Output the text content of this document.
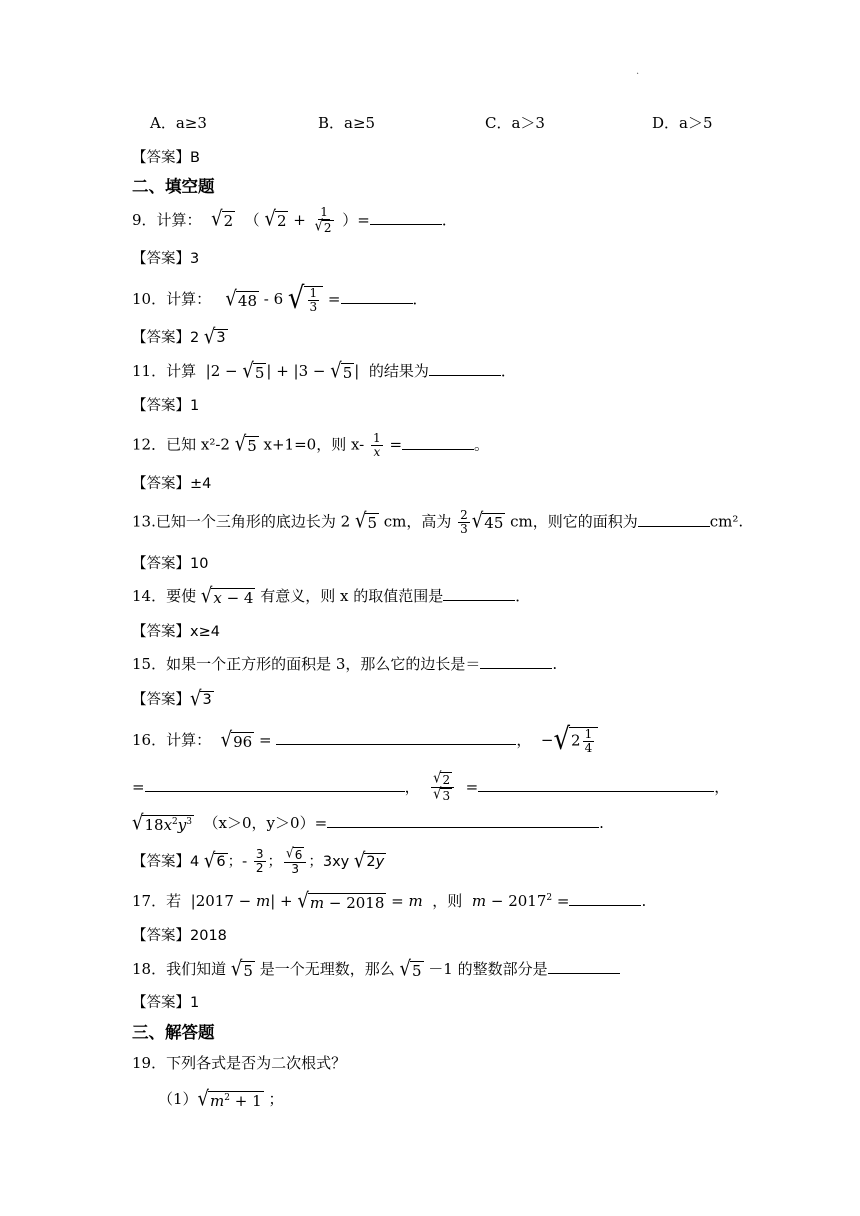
.
A．a≥3	B．a≥5	C．a＞3	D．a＞5
【答案】B
二、填空题
9．计算： √ 2 （ √ $2 + \frac{1}{√ 2}$ ）=	．
【答案】3
10．计算： √ 48 - 6 √ $\frac{1}{3}$ =	．
【答案】2 √ 3
11．计算  |2 − √ 5 | + |3 − √ 5 |  的结果为	．
【答案】1
12．已知 x²-2 √ 5 x+1=0，则 $x- \frac{1}{x}$ =	。
【答案】±4
13.已知一个三角形的底边长为 2 √ 5 cm，高为 $\frac{2}{3}$ √ 45 cm，则它的面积为	cm².
【答案】10
14．要使 √ x − 4 有意义，则 x 的取值范围是	．
【答案】x≥4
15．如果一个正方形的面积是 3，那么它的边长是＝	.
【答案】 √ 3
16．计算： √ 96 =	， − √ $2 \frac{1}{4}$
=	， $\frac{√ 2}{√ 3}$ =	，
√ $18x^2y^3$ （x＞0，y＞0）=	.
【答案】4 √ 6 ；- $\frac{3}{2}$ ； $\frac{√ 6}{3}$ ；3xy √ 2y
17．若  |2017 − m| + √ m − 2018 = m ，则 $m - 2017^2$ =	.
【答案】2018
18．我们知道 √ 5 是一个无理数，那么 √ 5 －1 的整数部分是
【答案】1
三、解答题
19．下列各式是否为二次根式？
（1） √ $m^2 + 1$ ；
